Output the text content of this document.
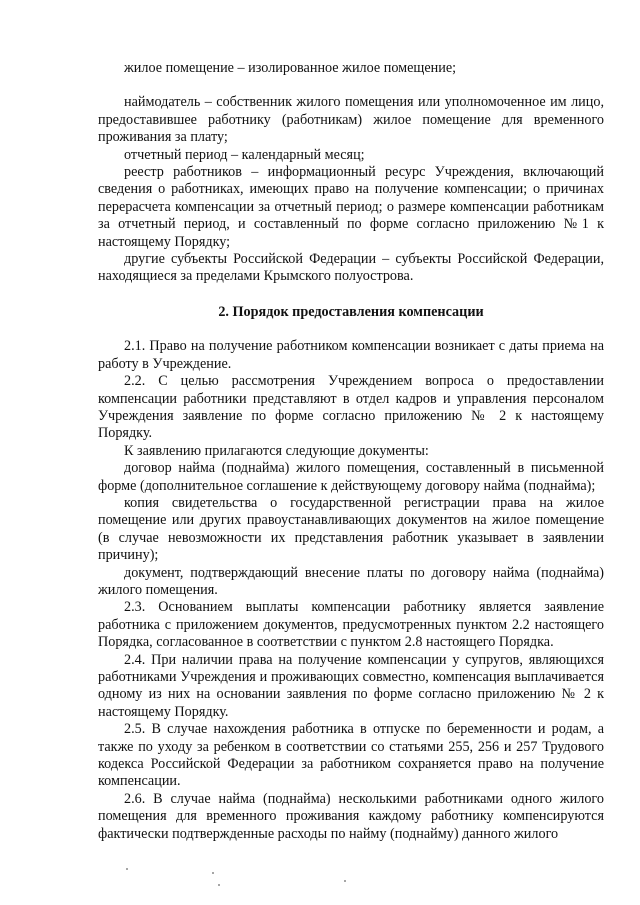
жилое помещение – изолированное жилое помещение;

наймодатель – собственник жилого помещения или уполномоченное им лицо, предоставившее работнику (работникам) жилое помещение для временного проживания за плату;

отчетный период – календарный месяц;

реестр работников – информационный ресурс Учреждения, включающий сведения о работниках, имеющих право на получение компенсации; о причинах перерасчета компенсации за отчетный период; о размере компенсации работникам за отчетный период, и составленный по форме согласно приложению №1 к настоящему Порядку;

другие субъекты Российской Федерации – субъекты Российской Федерации, находящиеся за пределами Крымского полуострова.

2. Порядок предоставления компенсации

2.1. Право на получение работником компенсации возникает с даты приема на работу в Учреждение.

2.2. С целью рассмотрения Учреждением вопроса о предоставлении компенсации работники представляют в отдел кадров и управления персоналом Учреждения заявление по форме согласно приложению № 2 к настоящему Порядку.

К заявлению прилагаются следующие документы:

договор найма (поднайма) жилого помещения, составленный в письменной форме (дополнительное соглашение к действующему договору найма (поднайма);

копия свидетельства о государственной регистрации права на жилое помещение или других правоустанавливающих документов на жилое помещение (в случае невозможности их представления работник указывает в заявлении причину);

документ, подтверждающий внесение платы по договору найма (поднайма) жилого помещения.

2.3. Основанием выплаты компенсации работнику является заявление работника с приложением документов, предусмотренных пунктом 2.2 настоящего Порядка, согласованное в соответствии с пунктом 2.8 настоящего Порядка.

2.4. При наличии права на получение компенсации у супругов, являющихся работниками Учреждения и проживающих совместно, компенсация выплачивается одному из них на основании заявления по форме согласно приложению № 2 к настоящему Порядку.

2.5. В случае нахождения работника в отпуске по беременности и родам, а также по уходу за ребенком в соответствии со статьями 255, 256 и 257 Трудового кодекса Российской Федерации за работником сохраняется право на получение компенсации.

2.6. В случае найма (поднайма) несколькими работниками одного жилого помещения для временного проживания каждому работнику компенсируются фактически подтвержденные расходы по найму (поднайму) данного жилого
